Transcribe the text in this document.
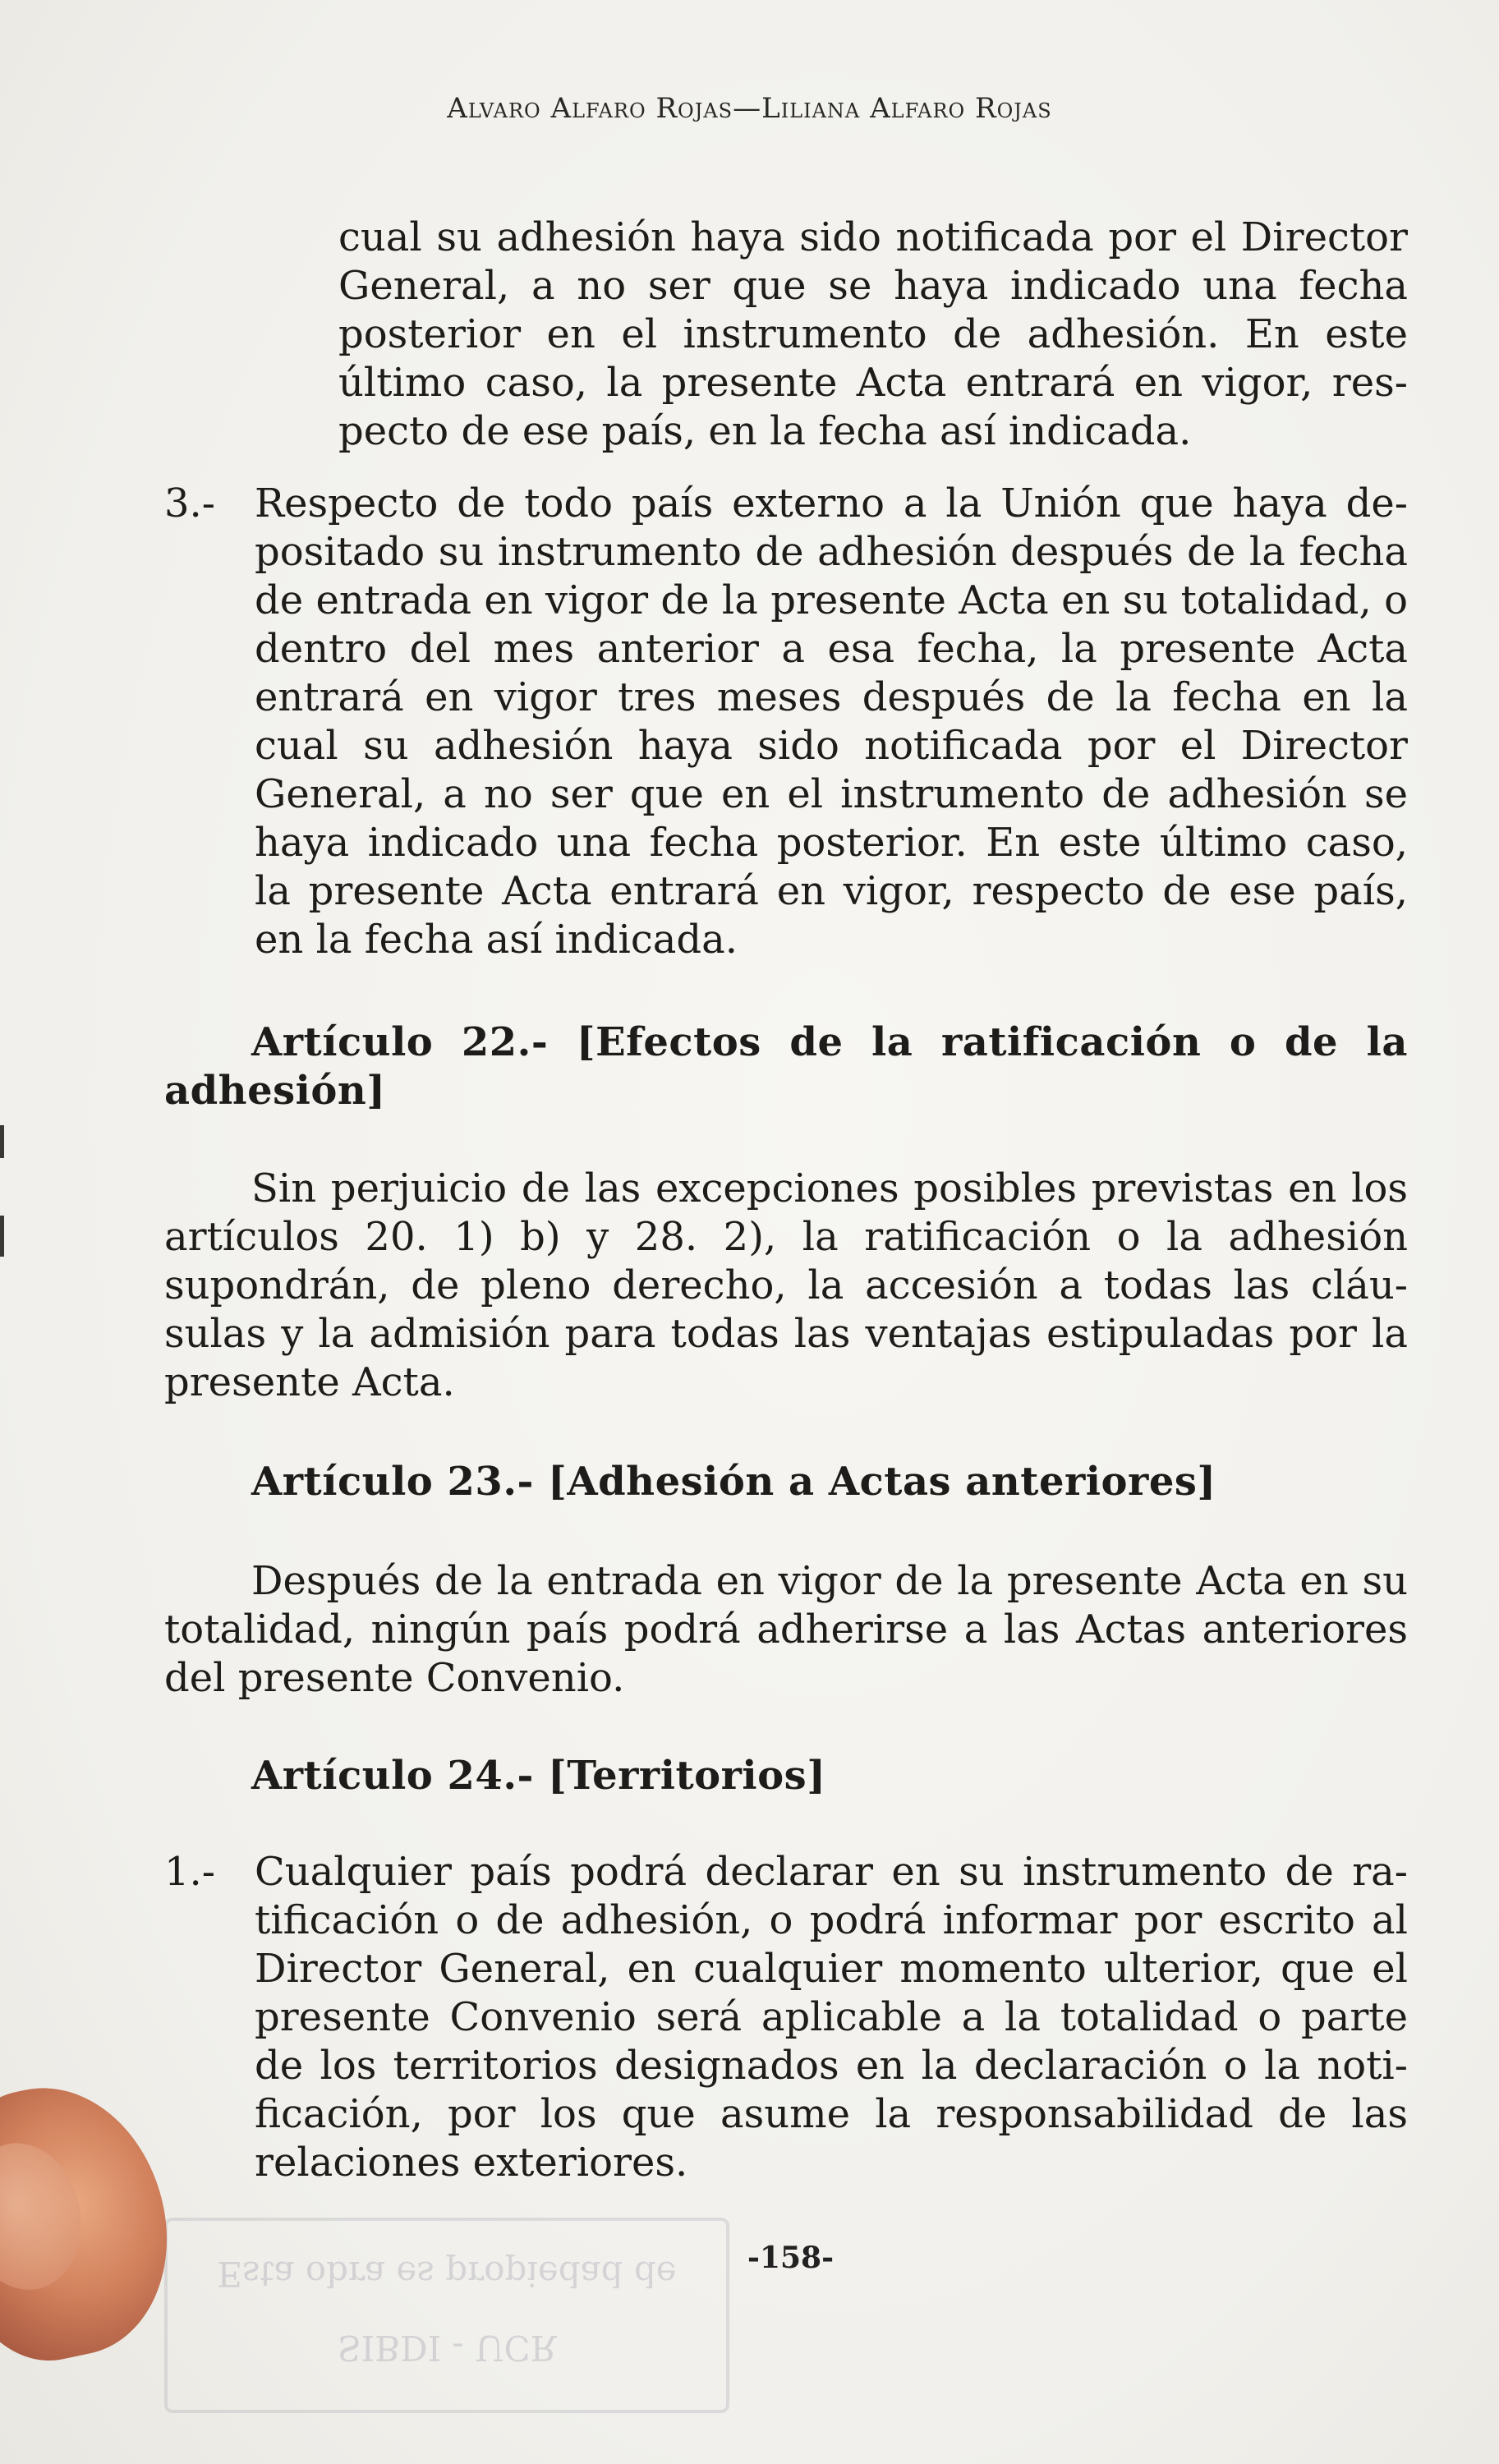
Alvaro Alfaro Rojas—Liliana Alfaro Rojas

cual su adhesión haya sido notificada por el Director General, a no ser que se haya indicado una fecha posterior en el instrumento de adhesión. En este último caso, la presente Acta entrará en vigor, respecto de ese país, en la fecha así indicada.

3.- Respecto de todo país externo a la Unión que haya depositado su instrumento de adhesión después de la fecha de entrada en vigor de la presente Acta en su totalidad, o dentro del mes anterior a esa fecha, la presente Acta entrará en vigor tres meses después de la fecha en la cual su adhesión haya sido notificada por el Director General, a no ser que en el instrumento de adhesión se haya indicado una fecha posterior. En este último caso, la presente Acta entrará en vigor, respecto de ese país, en la fecha así indicada.

Artículo 22.- [Efectos de la ratificación o de la adhesión]

Sin perjuicio de las excepciones posibles previstas en los artículos 20. 1) b) y 28. 2), la ratificación o la adhesión supondrán, de pleno derecho, la accesión a todas las cláusulas y la admisión para todas las ventajas estipuladas por la presente Acta.

Artículo 23.- [Adhesión a Actas anteriores]

Después de la entrada en vigor de la presente Acta en su totalidad, ningún país podrá adherirse a las Actas anteriores del presente Convenio.

Artículo 24.- [Territorios]

1.- Cualquier país podrá declarar en su instrumento de ratificación o de adhesión, o podrá informar por escrito al Director General, en cualquier momento ulterior, que el presente Convenio será aplicable a la totalidad o parte de los territorios designados en la declaración o la notificación, por los que asume la responsabilidad de las relaciones exteriores.

Esta obra es propiedad de
SIBDI - UCR
-158-
